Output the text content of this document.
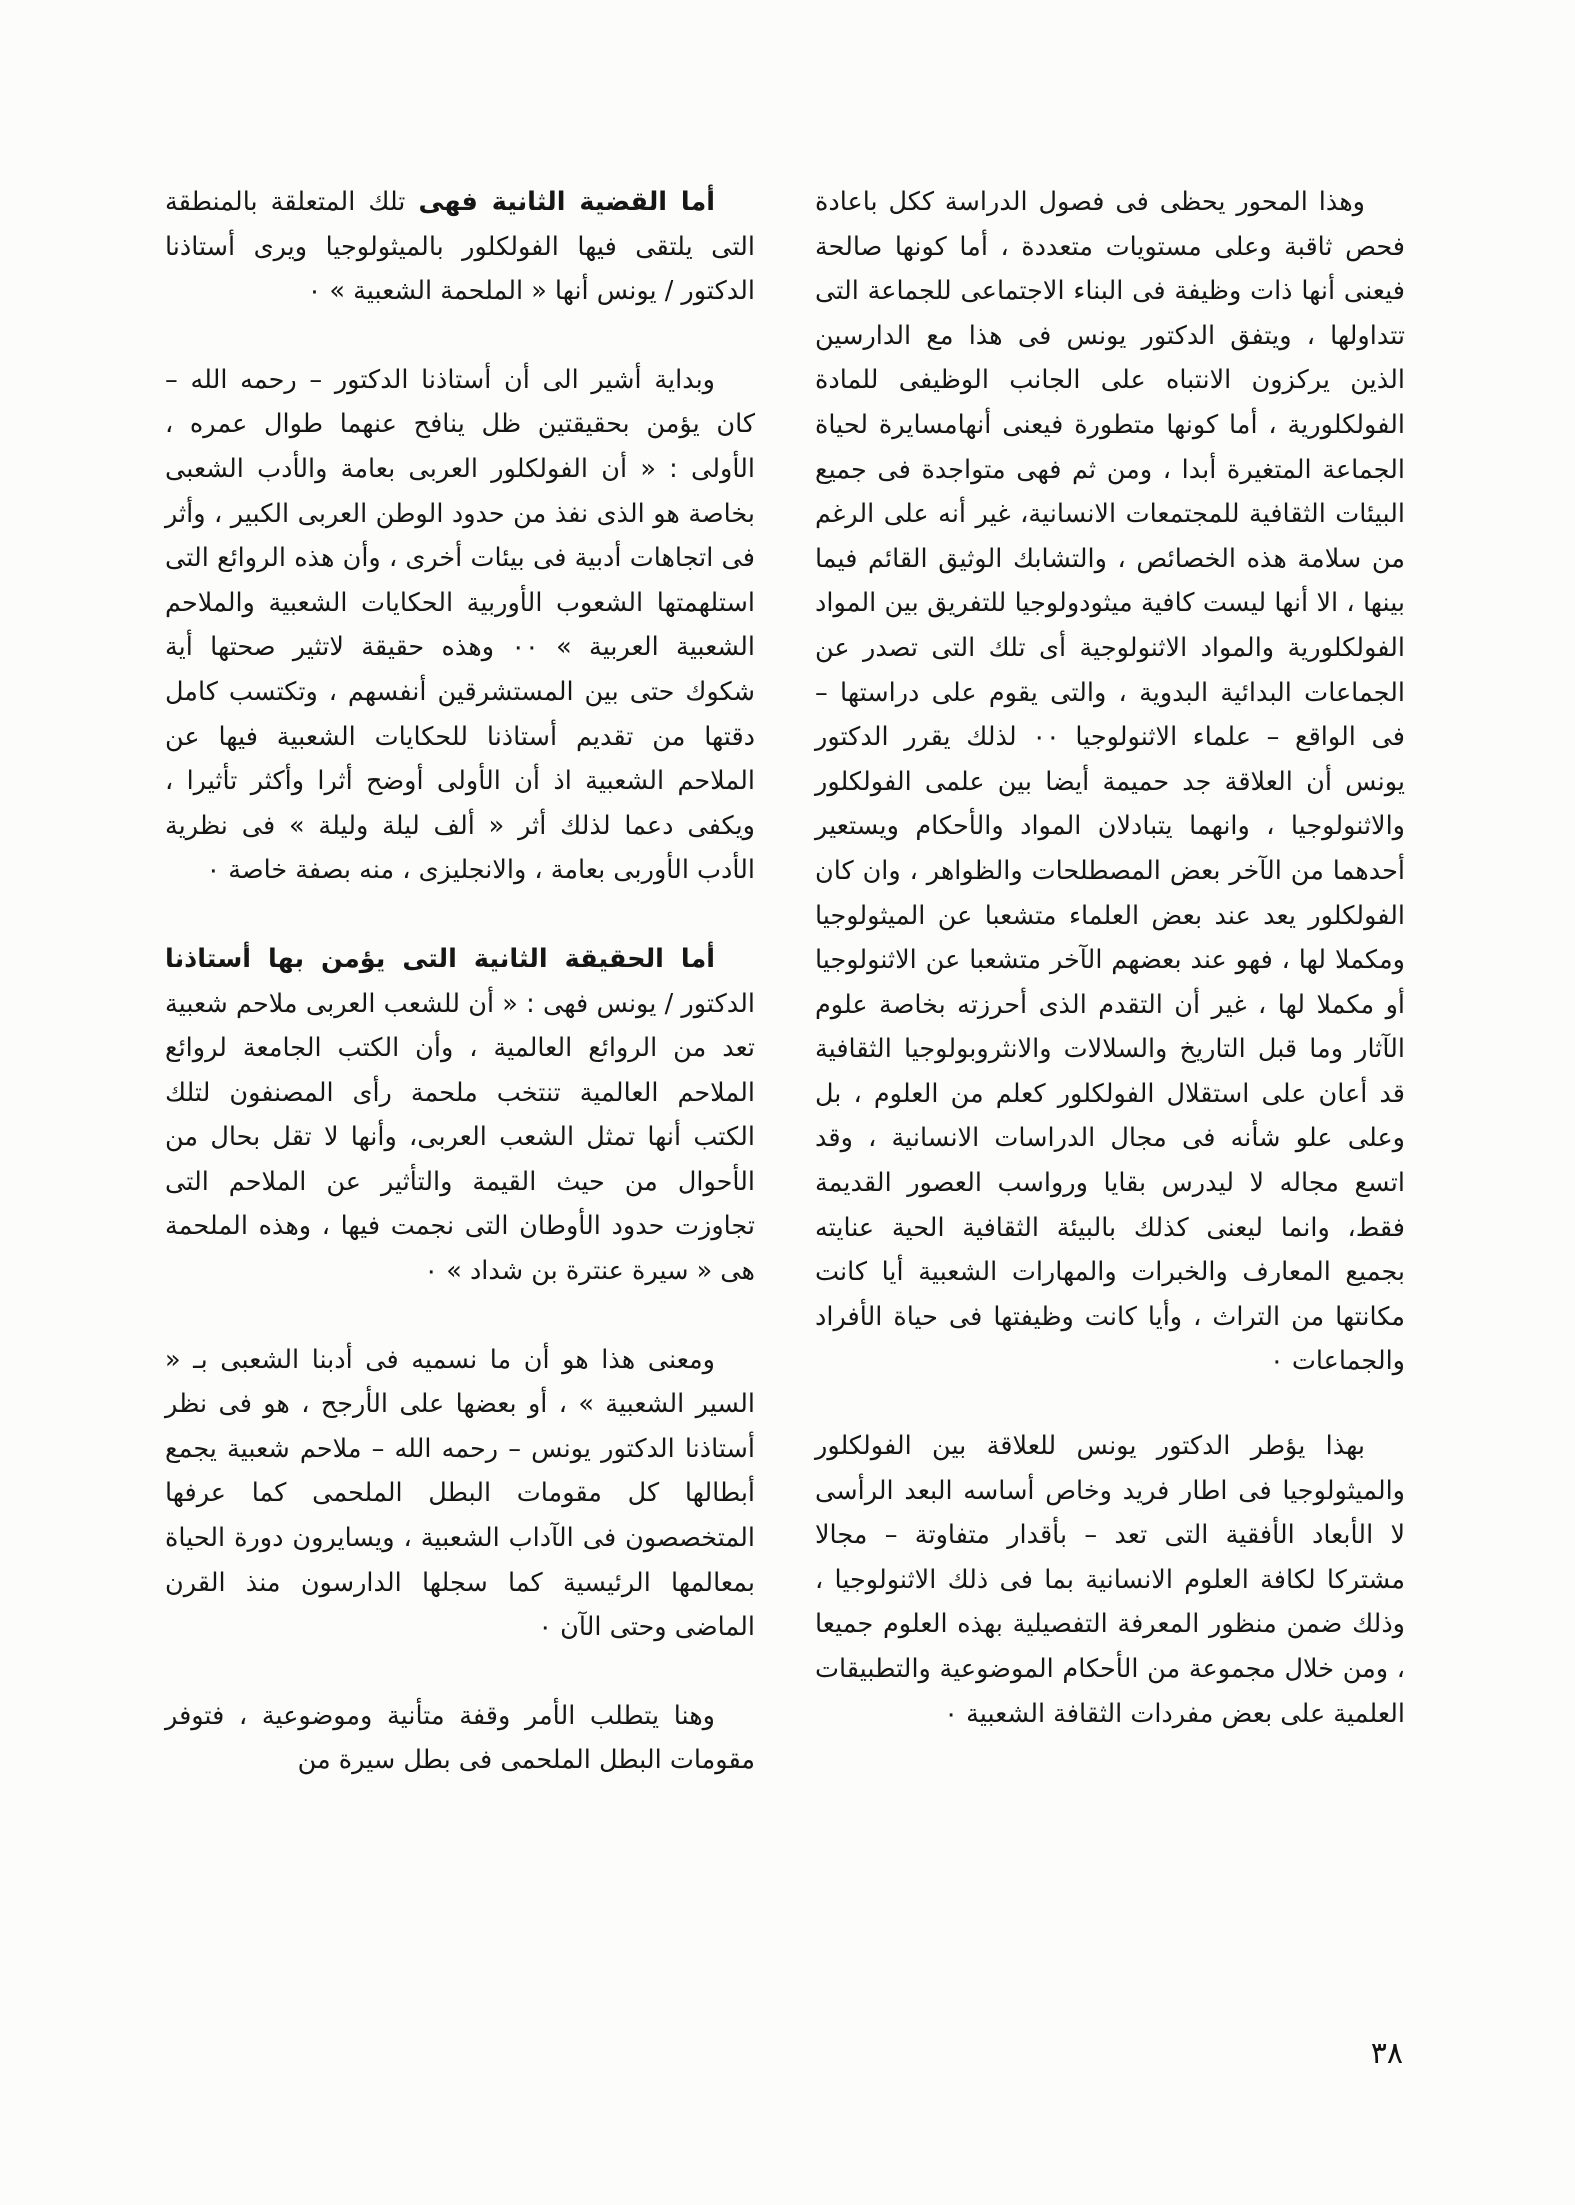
وهذا المحور يحظى فى فصول الدراسة ككل باعادة فحص ثاقبة وعلى مستويات متعددة ، أما كونها صالحة فيعنى أنها ذات وظيفة فى البناء الاجتماعى للجماعة التى تتداولها ، ويتفق الدكتور يونس فى هذا مع الدارسين الذين يركزون الانتباه على الجانب الوظيفى للمادة الفولكلورية ، أما كونها متطورة فيعنى أنهامسايرة لحياة الجماعة المتغيرة أبدا ، ومن ثم فهى متواجدة فى جميع البيئات الثقافية للمجتمعات الانسانية، غير أنه على الرغم من سلامة هذه الخصائص ، والتشابك الوثيق القائم فيما بينها ، الا أنها ليست كافية ميثودولوجيا للتفريق بين المواد الفولكلورية والمواد الاثنولوجية أى تلك التى تصدر عن الجماعات البدائية البدوية ، والتى يقوم على دراستها – فى الواقع – علماء الاثنولوجيا ٠٠ لذلك يقرر الدكتور يونس أن العلاقة جد حميمة أيضا بين علمى الفولكلور والاثنولوجيا ، وانهما يتبادلان المواد والأحكام ويستعير أحدهما من الآخر بعض المصطلحات والظواهر ، وان كان الفولكلور يعد عند بعض العلماء متشعبا عن الميثولوجيا ومكملا لها ، فهو عند بعضهم الآخر متشعبا عن الاثنولوجيا أو مكملا لها ، غير أن التقدم الذى أحرزته بخاصة علوم الآثار وما قبل التاريخ والسلالات والانثروبولوجيا الثقافية قد أعان على استقلال الفولكلور كعلم من العلوم ، بل وعلى علو شأنه فى مجال الدراسات الانسانية ، وقد اتسع مجاله لا ليدرس بقايا ورواسب العصور القديمة فقط، وانما ليعنى كذلك بالبيئة الثقافية الحية عنايته بجميع المعارف والخبرات والمهارات الشعبية أيا كانت مكانتها من التراث ، وأيا كانت وظيفتها فى حياة الأفراد والجماعات ٠

بهذا يؤطر الدكتور يونس للعلاقة بين الفولكلور والميثولوجيا فى اطار فريد وخاص أساسه البعد الرأسى لا الأبعاد الأفقية التى تعد – بأقدار متفاوتة – مجالا مشتركا لكافة العلوم الانسانية بما فى ذلك الاثنولوجيا ، وذلك ضمن منظور المعرفة التفصيلية بهذه العلوم جميعا ، ومن خلال مجموعة من الأحكام الموضوعية والتطبيقات العلمية على بعض مفردات الثقافة الشعبية ٠

أما القضية الثانية فهى تلك المتعلقة بالمنطقة التى يلتقى فيها الفولكلور بالميثولوجيا ويرى أستاذنا الدكتور / يونس أنها « الملحمة الشعبية » ٠

وبداية أشير الى أن أستاذنا الدكتور – رحمه الله – كان يؤمن بحقيقتين ظل ينافح عنهما طوال عمره ، الأولى : « أن الفولكلور العربى بعامة والأدب الشعبى بخاصة هو الذى نفذ من حدود الوطن العربى الكبير ، وأثر فى اتجاهات أدبية فى بيئات أخرى ، وأن هذه الروائع التى استلهمتها الشعوب الأوربية الحكايات الشعبية والملاحم الشعبية العربية » ٠٠ وهذه حقيقة لاتثير صحتها أية شكوك حتى بين المستشرقين أنفسهم ، وتكتسب كامل دقتها من تقديم أستاذنا للحكايات الشعبية فيها عن الملاحم الشعبية اذ أن الأولى أوضح أثرا وأكثر تأثيرا ، ويكفى دعما لذلك أثر « ألف ليلة وليلة » فى نظرية الأدب الأوربى بعامة ، والانجليزى ، منه بصفة خاصة ٠

أما الحقيقة الثانية التى يؤمن بها أستاذنا الدكتور / يونس فهى : « أن للشعب العربى ملاحم شعبية تعد من الروائع العالمية ، وأن الكتب الجامعة لروائع الملاحم العالمية تنتخب ملحمة رأى المصنفون لتلك الكتب أنها تمثل الشعب العربى، وأنها لا تقل بحال من الأحوال من حيث القيمة والتأثير عن الملاحم التى تجاوزت حدود الأوطان التى نجمت فيها ، وهذه الملحمة هى « سيرة عنترة بن شداد » ٠

ومعنى هذا هو أن ما نسميه فى أدبنا الشعبى بـ « السير الشعبية » ، أو بعضها على الأرجح ، هو فى نظر أستاذنا الدكتور يونس – رحمه الله – ملاحم شعبية يجمع أبطالها كل مقومات البطل الملحمى كما عرفها المتخصصون فى الآداب الشعبية ، ويسايرون دورة الحياة بمعالمها الرئيسية كما سجلها الدارسون منذ القرن الماضى وحتى الآن ٠

وهنا يتطلب الأمر وقفة متأنية وموضوعية ، فتوفر مقومات البطل الملحمى فى بطل سيرة من

٣٨
